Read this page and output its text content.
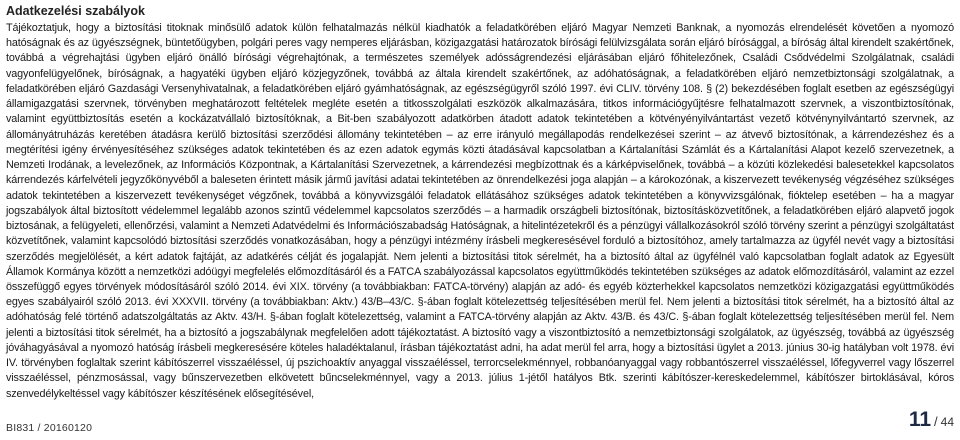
Adatkezelési szabályok

Tájékoztatjuk, hogy a biztosítási titoknak minősülő adatok külön felhatalmazás nélkül kiadhatók a feladatkörében eljáró Magyar Nemzeti Banknak, a nyomozás elrendelését követően a nyomozó hatóságnak és az ügyészségnek, büntetőügyben, polgári peres vagy nemperes eljárásban, közigazgatási határozatok bírósági felülvizsgálata során eljáró bírósággal, a bíróság által kirendelt szakértőnek, továbbá a végrehajtási ügyben eljáró önálló bírósági végrehajtónak, a természetes személyek adósságrendezési eljárásában eljáró főhitelezőnek, Családi Csődvédelmi Szolgálatnak, családi vagyonfelügyelőnek, bíróságnak, a hagyatéki ügyben eljáró közjegyzőnek, továbbá az általa kirendelt szakértőnek, az adóhatóságnak, a feladatkörében eljáró nemzetbiztonsági szolgálatnak, a feladatkörében eljáró Gazdasági Versenyhivatalnak, a feladatkörében eljáró gyámhatóságnak, az egészségügyről szóló 1997. évi CLIV. törvény 108. § (2) bekezdésében foglalt esetben az egészségügyi államigazgatási szervnek, törvényben meghatározott feltételek megléte esetén a titkosszolgálati eszközök alkalmazására, titkos információgyűjtésre felhatalmazott szervnek, a viszontbiztosítónak, valamint együttbiztosítás esetén a kockázatvállaló biztosítóknak, a Bit-ben szabályozott adatkörben átadott adatok tekintetében a kötvényényilvántartást vezető kötvénynyilvántartó szervnek, az állományátruházás keretében átadásra kerülő biztosítási szerződési állomány tekintetében – az erre irányuló megállapodás rendelkezései szerint – az átvevő biztosítónak, a kárrendezéshez és a megtérítési igény érvényesítéséhez szükséges adatok tekintetében és az ezen adatok egymás közti átadásával kapcsolatban a Kártalanítási Számlát és a Kártalanítási Alapot kezelő szervezetnek, a Nemzeti Irodának, a levelezőnek, az Információs Központnak, a Kártalanítási Szervezetnek, a kárrendezési megbízottnak és a kárképviselőnek, továbbá – a közúti közlekedési balesetekkel kapcsolatos kárrendezés kárfelvételi jegyzőkönyvéből a baleseten érintett másik jármű javítási adatai tekintetében az önrendelkezési joga alapján – a károkozónak, a kiszervezett tevékenység végzéséhez szükséges adatok tekintetében a kiszervezett tevékenységet végzőnek, továbbá a könyvvizsgálói feladatok ellátásához szükséges adatok tekintetében a könyvvizsgálónak, fióktelep esetében – ha a magyar jogszabályok által biztosított védelemmel legalább azonos szintű védelemmel kapcsolatos szerződés – a harmadik országbeli biztosítónak, biztosításközvetítőnek, a feladatkörében eljáró alapvető jogok biztosának, a felügyeleti, ellenőrzési, valamint a Nemzeti Adatvédelmi és Információszabadság Hatóságnak, a hitelintézetekről és a pénzügyi vállalkozásokról szóló törvény szerint a pénzügyi szolgáltatást közvetítőnek, valamint kapcsolódó biztosítási szerződés vonatkozásában, hogy a pénzügyi intézmény írásbeli megkeresésével forduló a biztosítóhoz, amely tartalmazza az ügyfél nevét vagy a biztosítási szerződés megjelölését, a kért adatok fajtáját, az adatkérés célját és jogalapját. Nem jelenti a biztosítási titok sérelmét, ha a biztosító által az ügyfélnél való kapcsolatban foglalt adatok az Egyesült Államok Kormánya között a nemzetközi adóügyi megfelelés előmozdításáról és a FATCA szabályozással kapcsolatos együttműködés tekintetében szükséges az adatok előmozdításáról, valamint az ezzel összefüggő egyes törvények módosításáról szóló 2014. évi XIX. törvény (a továbbiakban: FATCA-törvény) alapján az adó- és egyéb közterhekkel kapcsolatos nemzetközi közigazgatási együttműködés egyes szabályairól szóló 2013. évi XXXVII. törvény (a továbbiakban: Aktv.) 43/B–43/C. §-ában foglalt kötelezettség teljesítésében merül fel. Nem jelenti a biztosítási titok sérelmét, ha a biztosító által az adóhatóság felé történő adatszolgáltatás az Aktv. 43/H. §-ában foglalt kötelezettség, valamint a FATCA-törvény alapján az Aktv. 43/B. és 43/C. §-ában foglalt kötelezettség teljesítésében merül fel. Nem jelenti a biztosítási titok sérelmét, ha a biztosító a jogszabálynak megfelelően adott tájékoztatást. A biztosító vagy a viszontbiztosító a nemzetbiztonsági szolgálatok, az ügyészség, továbbá az ügyészség jóváhagyásával a nyomozó hatóság írásbeli megkeresésére köteles haladéktalanul, írásban tájékoztatást adni, ha adat merül fel arra, hogy a biztosítási ügylet a 2013. június 30-ig hatályban volt 1978. évi IV. törvényben foglaltak szerint kábítószerrel visszaéléssel, új pszichoaktív anyaggal visszaéléssel, terrorcselekménnyel, robbanóanyaggal vagy robbantószerrel visszaéléssel, lőfegyverrel vagy lőszerrel visszaéléssel, pénzmosással, vagy bűnszervezetben elkövetett bűncselekménnyel, vagy a 2013. július 1-jétől hatályos Btk. szerinti kábítószer-kereskedelemmel, kábítószer birtoklásával, kóros szenvedélykeltéssel vagy kábítószer készítésének elősegítésével,

BI831 / 20160120	11 / 44
